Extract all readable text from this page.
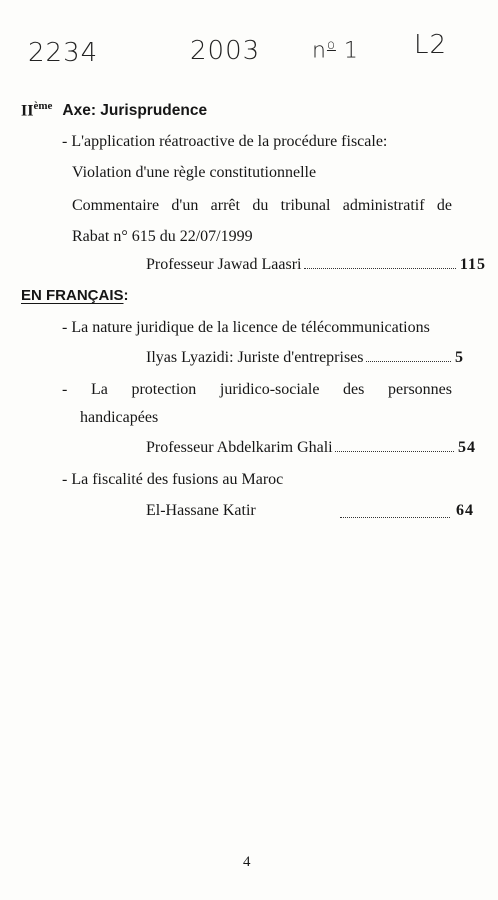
2234	2003 $n^o$ 1 L2
IIème Axe: Jurisprudence
- L'application réatroactive de la procédure fiscale:
Violation d'une règle constitutionnelle
Commentaire d'un arrêt du tribunal administratif de
Rabat n° 615 du 22/07/1999
Professeur Jawad Laasri	115
EN FRANÇAIS:
- La nature juridique de la licence de télécommunications
Ilyas Lyazidi: Juriste d'entreprises	5
- La protection juridico-sociale des personnes
handicapées
Professeur Abdelkarim Ghali	54
- La fiscalité des fusions au Maroc
El-Hassane Katir	64
4
